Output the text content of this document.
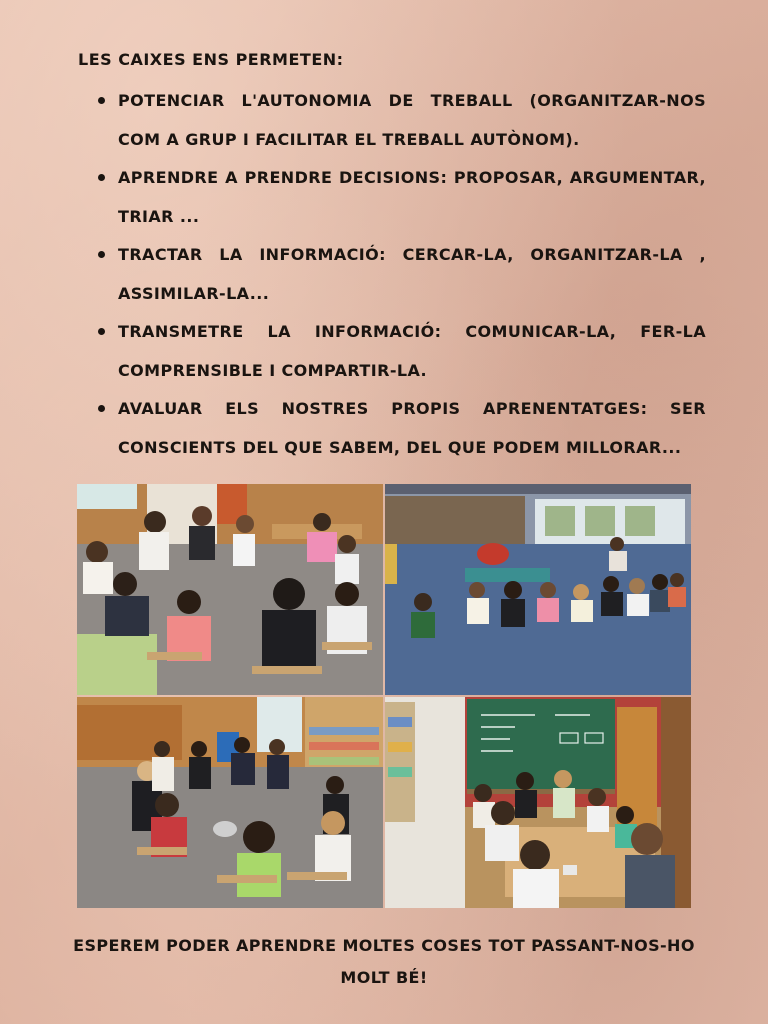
LES CAIXES ENS PERMETEN:
POTENCIAR L'AUTONOMIA DE TREBALL (ORGANITZAR-NOS COM A GRUP I FACILITAR EL TREBALL AUTÒNOM).
APRENDRE A PRENDRE DECISIONS: PROPOSAR, ARGUMENTAR, TRIAR ...
TRACTAR LA INFORMACIÓ: CERCAR-LA, ORGANITZAR-LA , ASSIMILAR-LA...
TRANSMETRE LA INFORMACIÓ: COMUNICAR-LA, FER-LA COMPRENSIBLE I COMPARTIR-LA.
AVALUAR ELS NOSTRES PROPIS APRENENTATGES: SER CONSCIENTS DEL QUE SABEM, DEL QUE PODEM MILLORAR...
ESPEREM PODER APRENDRE MOLTES COSES TOT PASSANT-NOS-HO MOLT BÉ!
